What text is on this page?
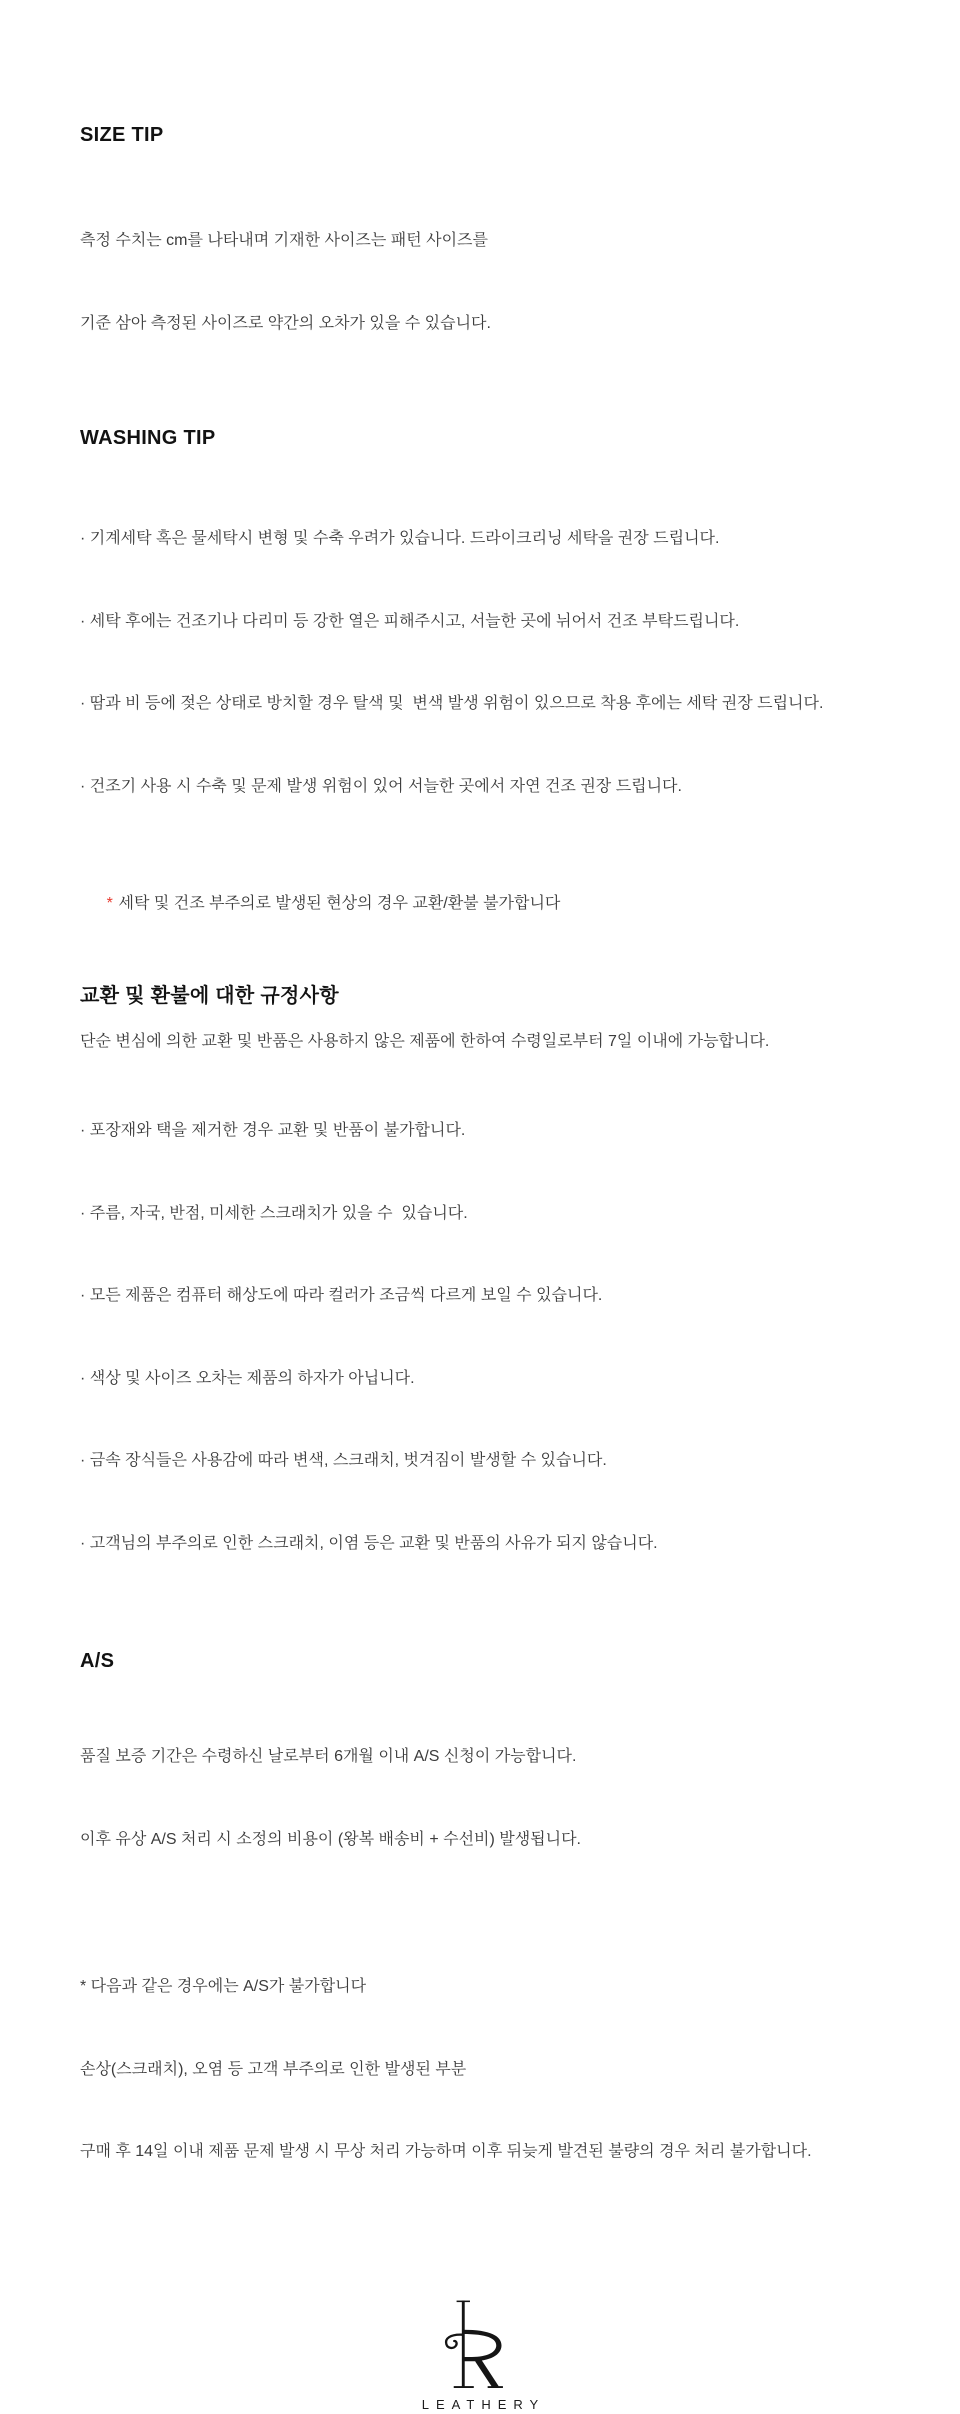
SIZE TIP

측정 수치는 cm를 나타내며 기재한 사이즈는 패턴 사이즈를

기준 삼아 측정된 사이즈로 약간의 오차가 있을 수 있습니다.

WASHING TIP

· 기계세탁 혹은 물세탁시 변형 및 수축 우려가 있습니다. 드라이크리닝 세탁을 권장 드립니다.

· 세탁 후에는 건조기나 다리미 등 강한 열은 피해주시고, 서늘한 곳에 뉘어서 건조 부탁드립니다.

· 땀과 비 등에 젖은 상태로 방치할 경우 탈색 및  변색 발생 위험이 있으므로 착용 후에는 세탁 권장 드립니다.

· 건조기 사용 시 수축 및 문제 발생 위험이 있어 서늘한 곳에서 자연 건조 권장 드립니다.

* 세탁 및 건조 부주의로 발생된 현상의 경우 교환/환불 불가합니다

교환 및 환불에 대한 규정사항

단순 변심에 의한 교환 및 반품은 사용하지 않은 제품에 한하여 수령일로부터 7일 이내에 가능합니다.

· 포장재와 택을 제거한 경우 교환 및 반품이 불가합니다.

· 주름, 자국, 반점, 미세한 스크래치가 있을 수  있습니다.

· 모든 제품은 컴퓨터 해상도에 따라 컬러가 조금씩 다르게 보일 수 있습니다.

· 색상 및 사이즈 오차는 제품의 하자가 아닙니다.

· 금속 장식들은 사용감에 따라 변색, 스크래치, 벗겨짐이 발생할 수 있습니다.

· 고객님의 부주의로 인한 스크래치, 이염 등은 교환 및 반품의 사유가 되지 않습니다.

A/S

품질 보증 기간은 수령하신 날로부터 6개월 이내 A/S 신청이 가능합니다.

이후 유상 A/S 처리 시 소정의 비용이 (왕복 배송비 + 수선비) 발생됩니다.

* 다음과 같은 경우에는 A/S가 불가합니다

손상(스크래치), 오염 등 고객 부주의로 인한 발생된 부분

구매 후 14일 이내 제품 문제 발생 시 무상 처리 가능하며 이후 뒤늦게 발견된 불량의 경우 처리 불가합니다.

LEATHERY
